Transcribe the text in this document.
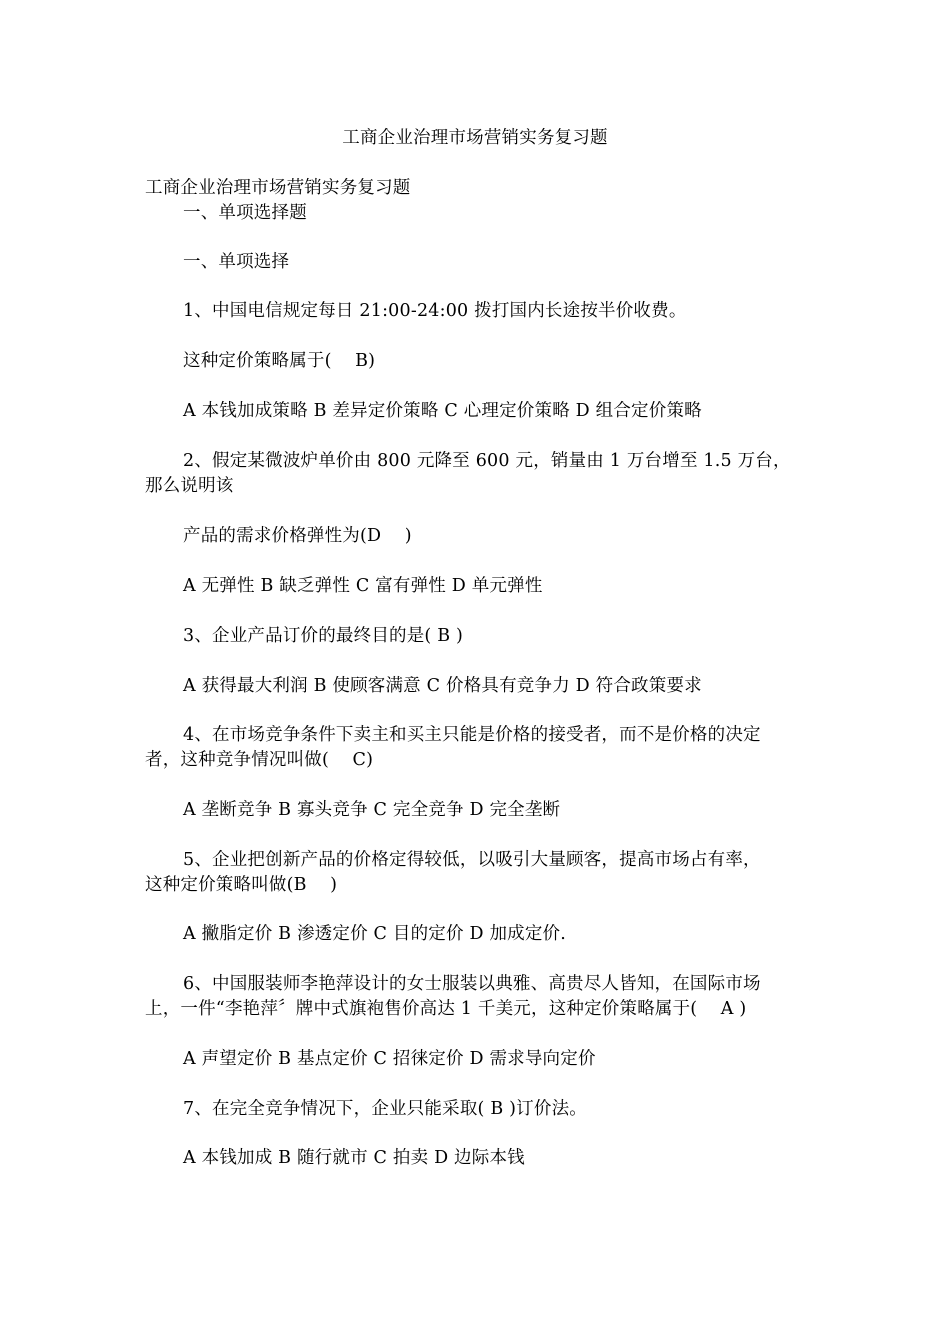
工商企业治理市场营销实务复习题
工商企业治理市场营销实务复习题
一、单项选择题
一、单项选择
1、中国电信规定每日 21:00-24:00 拨打国内长途按半价收费。
这种定价策略属于(　 B)
A 本钱加成策略 B 差异定价策略 C 心理定价策略 D 组合定价策略
2、假定某微波炉单价由 800 元降至 600 元，销量由 1 万台增至 1.5 万台，
那么说明该
产品的需求价格弹性为(D　 )
A 无弹性 B 缺乏弹性 C 富有弹性 D 单元弹性
3、企业产品订价的最终目的是( B )
A 获得最大利润 B 使顾客满意 C 价格具有竞争力 D 符合政策要求
4、在市场竞争条件下卖主和买主只能是价格的接受者，而不是价格的决定
者，这种竞争情况叫做(　 C)
A 垄断竞争 B 寡头竞争 C 完全竞争 D 完全垄断
5、企业把创新产品的价格定得较低，以吸引大量顾客，提高市场占有率，
这种定价策略叫做(B　 )
A 撇脂定价 B 渗透定价 C 目的定价 D 加成定价.
6、中国服装师李艳萍设计的女士服装以典雅、高贵尽人皆知，在国际市场
上，一件“李艳萍〞牌中式旗袍售价高达 1 千美元，这种定价策略属于(　 A )
A 声望定价 B 基点定价 C 招徕定价 D 需求导向定价
7、在完全竞争情况下，企业只能采取( B )订价法。
A 本钱加成 B 随行就市 C 拍卖 D 边际本钱
